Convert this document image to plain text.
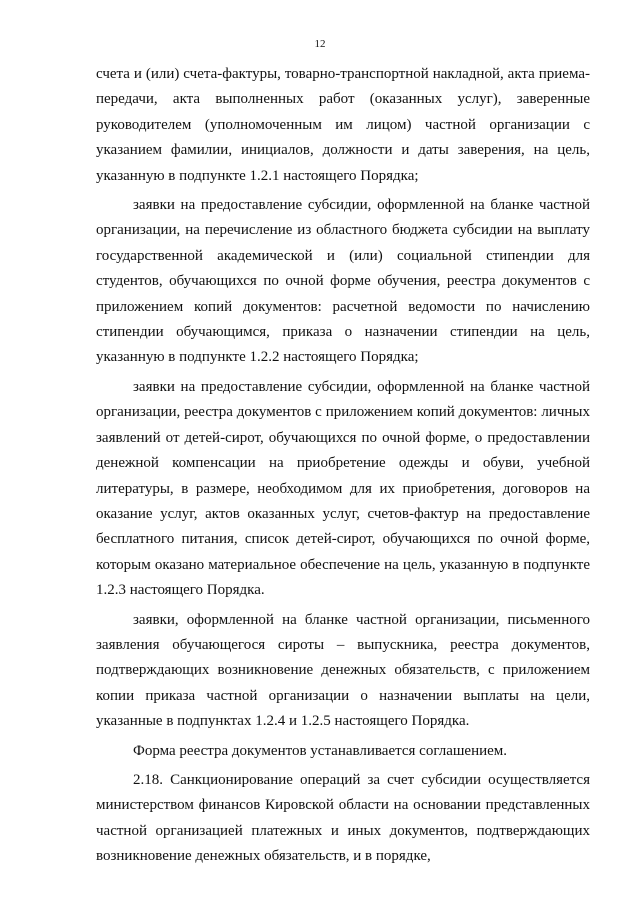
12

счета и (или) счета-фактуры, товарно-транспортной накладной, акта приема-передачи, акта выполненных работ (оказанных услуг), заверенные руководителем (уполномоченным им лицом) частной организации с указанием фамилии, инициалов, должности и даты заверения, на цель, указанную в подпункте 1.2.1 настоящего Порядка;

заявки на предоставление субсидии, оформленной на бланке частной организации, на перечисление из областного бюджета субсидии на выплату государственной академической и (или) социальной стипендии для студентов, обучающихся по очной форме обучения, реестра документов с приложением копий документов: расчетной ведомости по начислению стипендии обучающимся, приказа о назначении стипендии на цель, указанную в подпункте 1.2.2 настоящего Порядка;

заявки на предоставление субсидии, оформленной на бланке частной организации, реестра документов с приложением копий документов: личных заявлений от детей-сирот, обучающихся по очной форме, о предоставлении денежной компенсации на приобретение одежды и обуви, учебной литературы, в размере, необходимом для их приобретения, договоров на оказание услуг, актов оказанных услуг, счетов-фактур на предоставление бесплатного питания, список детей-сирот, обучающихся по очной форме, которым оказано материальное обеспечение на цель, указанную в подпункте 1.2.3 настоящего Порядка.

заявки, оформленной на бланке частной организации, письменного заявления обучающегося сироты – выпускника, реестра документов, подтверждающих возникновение денежных обязательств, с приложением копии приказа частной организации о назначении выплаты на цели, указанные в подпунктах 1.2.4 и 1.2.5 настоящего Порядка.

Форма реестра документов устанавливается соглашением.

2.18. Санкционирование операций за счет субсидии осуществляется министерством финансов Кировской области на основании представленных частной организацией платежных и иных документов, подтверждающих возникновение денежных обязательств, и в порядке,
